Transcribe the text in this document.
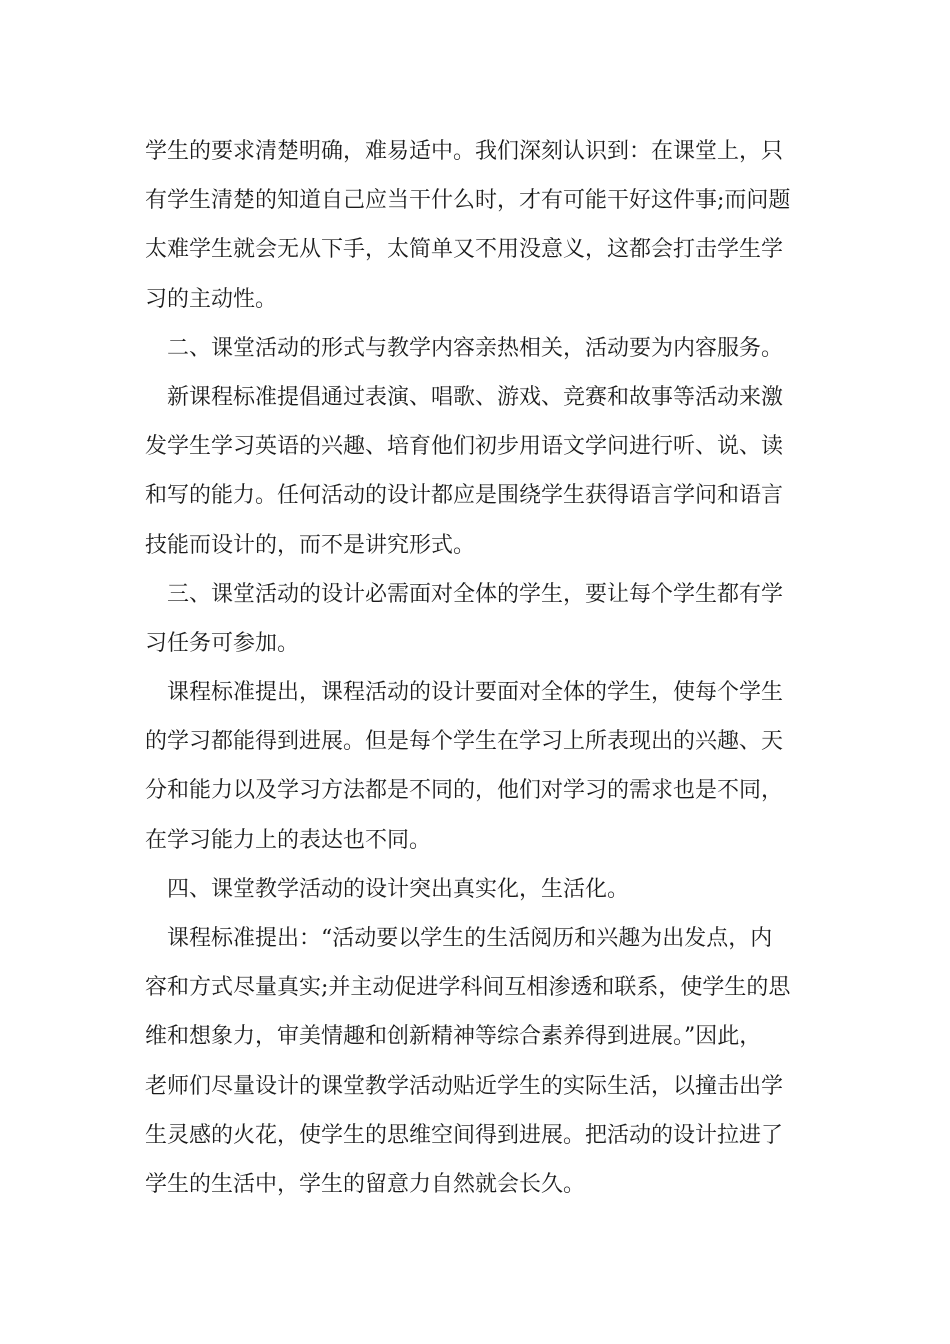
学生的要求清楚明确，难易适中。我们深刻认识到：在课堂上，只
有学生清楚的知道自己应当干什么时，才有可能干好这件事;而问题
太难学生就会无从下手，太简单又不用没意义，这都会打击学生学
习的主动性。
二、课堂活动的形式与教学内容亲热相关，活动要为内容服务。
新课程标准提倡通过表演、唱歌、游戏、竞赛和故事等活动来激
发学生学习英语的兴趣、培育他们初步用语文学问进行听、说、读
和写的能力。任何活动的设计都应是围绕学生获得语言学问和语言
技能而设计的，而不是讲究形式。
三、课堂活动的设计必需面对全体的学生，要让每个学生都有学
习任务可参加。
课程标准提出，课程活动的设计要面对全体的学生，使每个学生
的学习都能得到进展。但是每个学生在学习上所表现出的兴趣、天
分和能力以及学习方法都是不同的，他们对学习的需求也是不同，
在学习能力上的表达也不同。
四、课堂教学活动的设计突出真实化，生活化。
课程标准提出：“活动要以学生的生活阅历和兴趣为出发点，内
容和方式尽量真实;并主动促进学科间互相渗透和联系，使学生的思
维和想象力，审美情趣和创新精神等综合素养得到进展。”因此，
老师们尽量设计的课堂教学活动贴近学生的实际生活，以撞击出学
生灵感的火花，使学生的思维空间得到进展。把活动的设计拉进了
学生的生活中，学生的留意力自然就会长久。
